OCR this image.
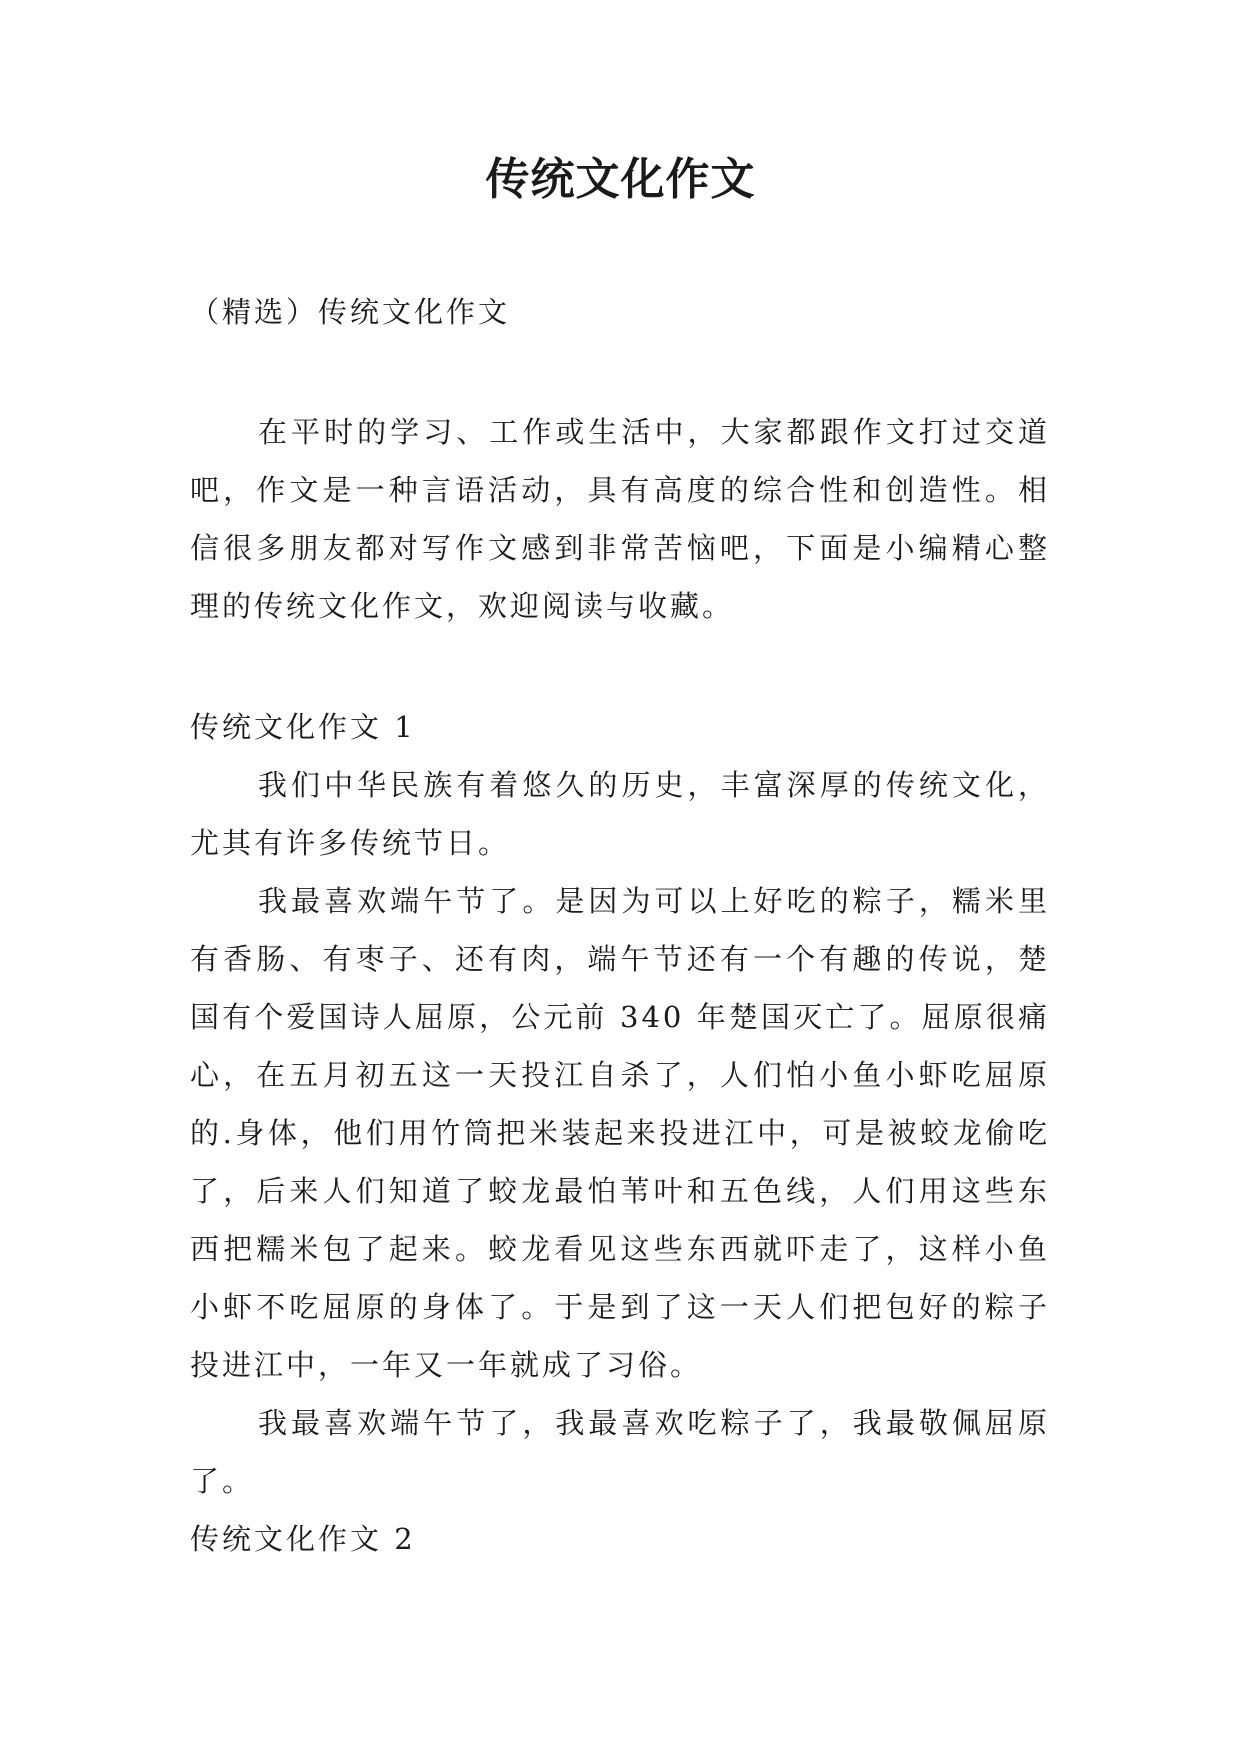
传统文化作文
（精选）传统文化作文

在平时的学习、工作或生活中，大家都跟作文打过交道吧，作文是一种言语活动，具有高度的综合性和创造性。相信很多朋友都对写作文感到非常苦恼吧，下面是小编精心整理的传统文化作文，欢迎阅读与收藏。

传统文化作文 1

我们中华民族有着悠久的历史，丰富深厚的传统文化，尤其有许多传统节日。

我最喜欢端午节了。是因为可以上好吃的粽子，糯米里有香肠、有枣子、还有肉，端午节还有一个有趣的传说，楚国有个爱国诗人屈原，公元前 340 年楚国灭亡了。屈原很痛心，在五月初五这一天投江自杀了，人们怕小鱼小虾吃屈原的.身体，他们用竹筒把米装起来投进江中，可是被蛟龙偷吃了，后来人们知道了蛟龙最怕苇叶和五色线，人们用这些东西把糯米包了起来。蛟龙看见这些东西就吓走了，这样小鱼小虾不吃屈原的身体了。于是到了这一天人们把包好的粽子投进江中，一年又一年就成了习俗。

我最喜欢端午节了，我最喜欢吃粽子了，我最敬佩屈原了。

传统文化作文 2
